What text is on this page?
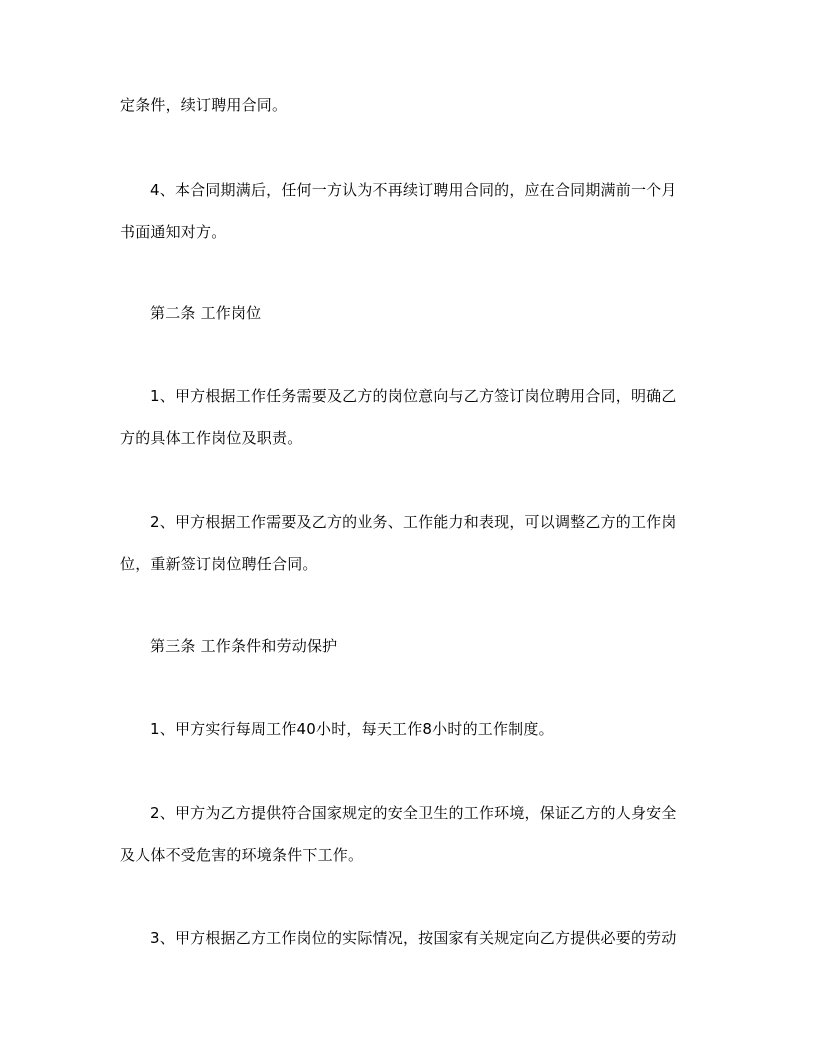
定条件，续订聘用合同。
4、本合同期满后，任何一方认为不再续订聘用合同的，应在合同期满前一个月
书面通知对方。
第二条 工作岗位
1、甲方根据工作任务需要及乙方的岗位意向与乙方签订岗位聘用合同，明确乙
方的具体工作岗位及职责。
2、甲方根据工作需要及乙方的业务、工作能力和表现，可以调整乙方的工作岗
位，重新签订岗位聘任合同。
第三条 工作条件和劳动保护
1、甲方实行每周工作40小时，每天工作8小时的工作制度。
2、甲方为乙方提供符合国家规定的安全卫生的工作环境，保证乙方的人身安全
及人体不受危害的环境条件下工作。
3、甲方根据乙方工作岗位的实际情况，按国家有关规定向乙方提供必要的劳动
